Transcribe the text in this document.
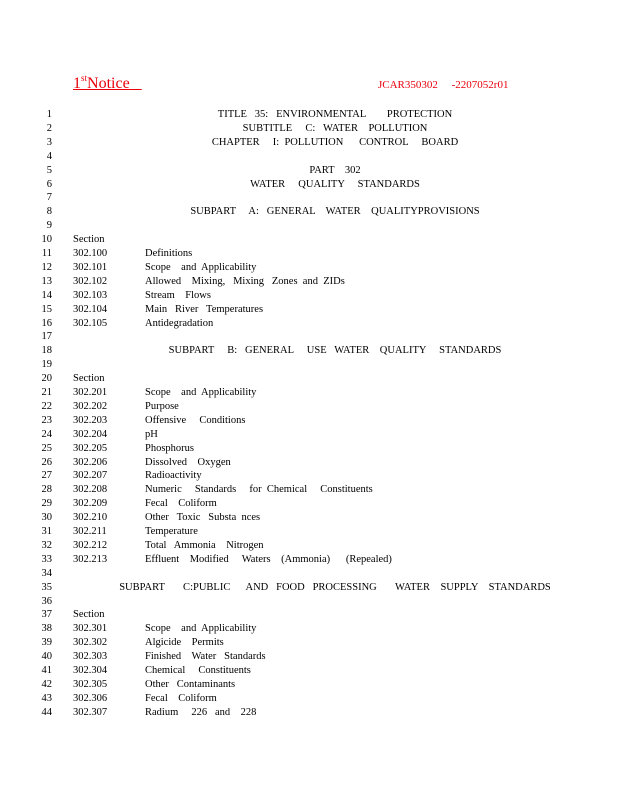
1stNotice	JCAR350302     -2207052r01
1	TITLE   35:   ENVIRONMENTAL        PROTECTION
2	SUBTITLE     C:   WATER    POLLUTION
3	CHAPTER     I:  POLLUTION      CONTROL     BOARD
4
5	PART    302
6	WATER     QUALITY     STANDARDS
7
8	SUBPART     A:   GENERAL    WATER    QUALITYPROVISIONS
9
10 Section
11 302.100	Definitions
12 302.101	Scope    and  Applicability
13 302.102	Allowed    Mixing,   Mixing   Zones  and  ZIDs
14 302.103	Stream    Flows
15 302.104	Main   River   Temperatures
16 302.105	Antidegradation
17
18	SUBPART     B:   GENERAL     USE   WATER    QUALITY     STANDARDS
19
20 Section
21 302.201	Scope    and  Applicability
22 302.202	Purpose
23 302.203	Offensive     Conditions
24 302.204	pH
25 302.205	Phosphorus
26 302.206	Dissolved    Oxygen
27 302.207	Radioactivity
28 302.208	Numeric     Standards     for  Chemical     Constituents
29 302.209	Fecal    Coliform
30 302.210	Other   Toxic   Substa  nces
31 302.211	Temperature
32 302.212	Total   Ammonia    Nitrogen
33 302.213	Effluent    Modified     Waters    (Ammonia)      (Repealed)
34
35	SUBPART       C:PUBLIC      AND   FOOD   PROCESSING       WATER    SUPPLY    STANDARDS
36
37 Section
38 302.301	Scope    and  Applicability
39 302.302	Algicide    Permits
40 302.303	Finished    Water   Standards
41 302.304	Chemical     Constituents
42 302.305	Other   Contaminants
43 302.306	Fecal    Coliform
44 302.307	Radium     226   and    228
